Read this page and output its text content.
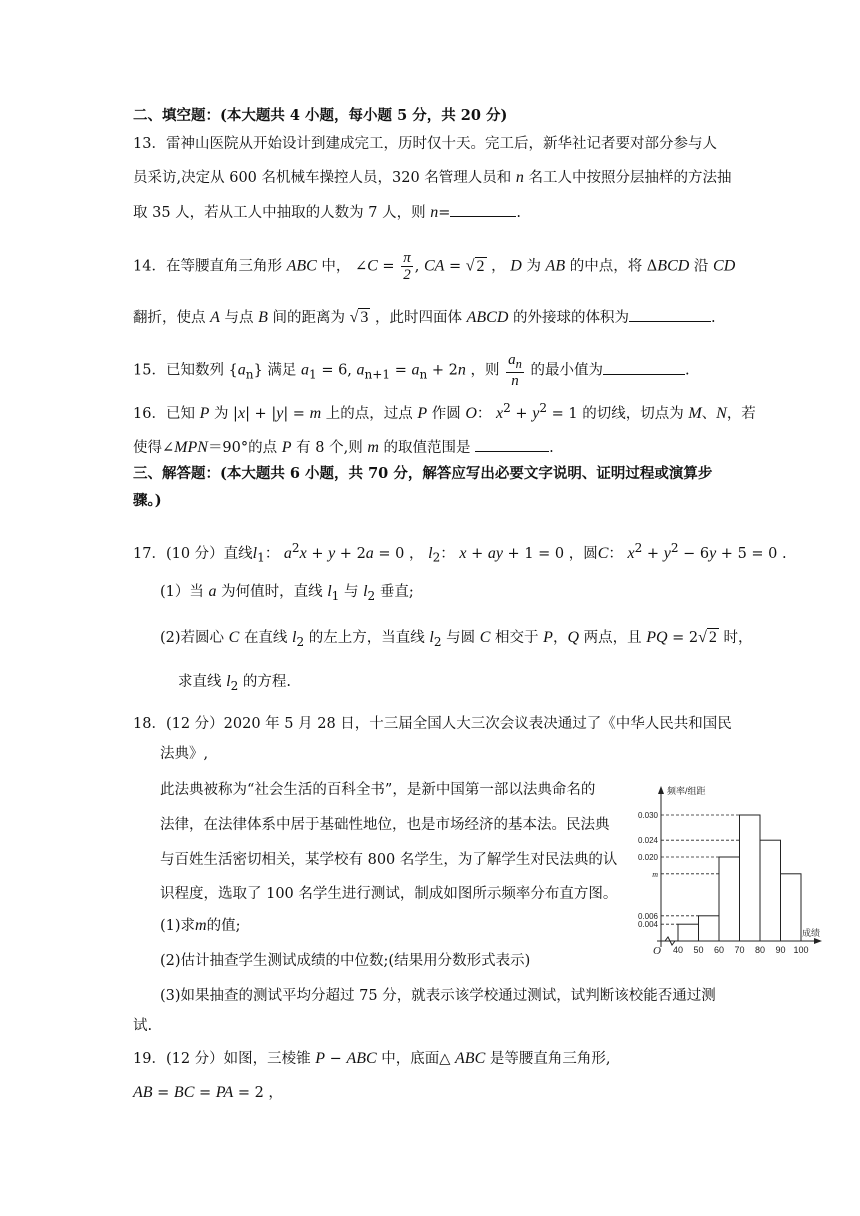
二、填空题：(本大题共 4 小题，每小题 5 分，共 20 分)
13．雷神山医院从开始设计到建成完工，历时仅十天。完工后，新华社记者要对部分参与人
员采访,决定从 600 名机械车操控人员，320 名管理人员和 n 名工人中按照分层抽样的方法抽
取 35 人，若从工人中抽取的人数为 7 人，则 n=	.
14．在等腰直角三角形 ABC 中， ∠C = $\frac{\pi}{2}$ , CA = √ 2 ， D 为 AB 的中点，将 ΔBCD 沿 CD
翻折，使点 A 与点 B 间的距离为 √ 3 ，此时四面体 ABCD 的外接球的体积为	.
15．已知数列 $\{a_n\}$ 满足 $a_1 = 6$, $a_{n+1} = a_n + 2n$ ，则 $\frac{a_n}{n}$ 的最小值为	.
16．已知 P 为 |x| + |y| = m 上的点，过点 P 作圆 O： $x^2 + y^2 = 1$ 的切线，切点为 M、N，若
使得∠MPN＝90°的点 P 有 8 个,则 m 的取值范围是	.
三、解答题：(本大题共 6 小题，共 70 分，解答应写出必要文字说明、证明过程或演算步
骤。)
17．(10 分）直线$l_1$： $a^2x + y + 2a = 0$ ， $l_2$： x + ay + 1 = 0 ，圆C： $x^2 + y^2 - 6y + 5 = 0$ .
(1）当 a 为何值时，直线 $l_1$ 与 $l_2$ 垂直;
(2)若圆心 C 在直线 $l_2$ 的左上方，当直线 $l_2$ 与圆 C 相交于 P，Q 两点，且 PQ = 2√ 2 时，
求直线 $l_2$ 的方程.
18．(12 分）2020 年 5 月 28 日，十三届全国人大三次会议表决通过了《中华人民共和国民
法典》,
此法典被称为“社会生活的百科全书”，是新中国第一部以法典命名的
法律，在法律体系中居于基础性地位，也是市场经济的基本法。民法典
与百姓生活密切相关，某学校有 800 名学生，为了解学生对民法典的认
识程度，选取了 100 名学生进行测试，制成如图所示频率分布直方图。
(1)求m的值;
(2)估计抽查学生测试成绩的中位数;(结果用分数形式表示)
(3)如果抽查的测试平均分超过 75 分，就表示该学校通过测试，试判断该校能否通过测
试.
19．(12 分）如图，三棱锥 P − ABC 中，底面△ ABC 是等腰直角三角形,
AB = BC = PA = 2 ，
频率/组距
成绩
O 40 50 60 70 80 90 100
0.004
0.006
0.020
0.030
0.024
m
